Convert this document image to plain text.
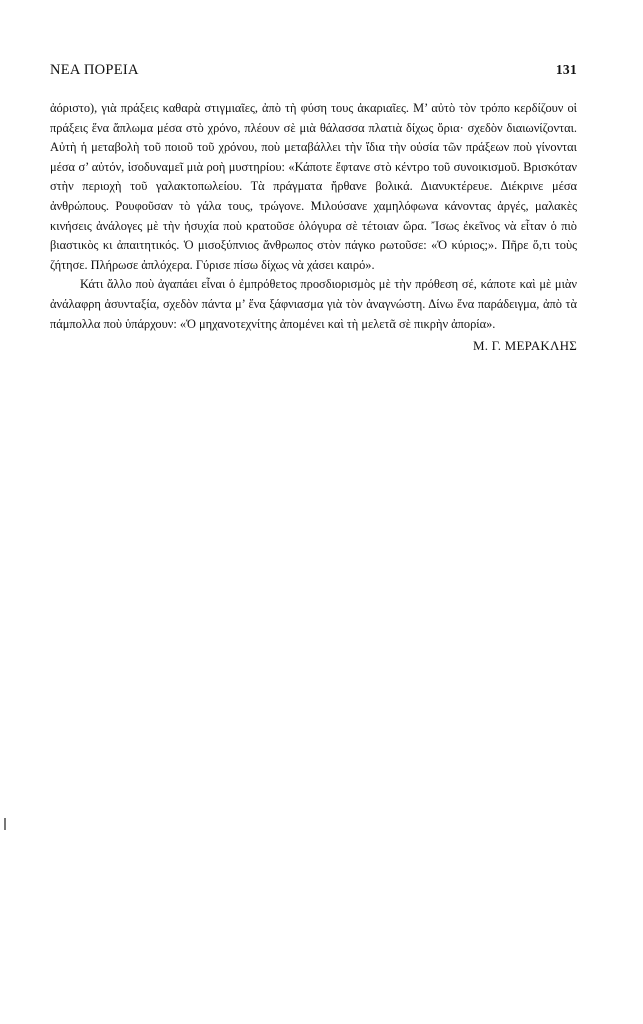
ΝΕΑ ΠΟΡΕΙΑ	131

ἀόριστο), γιὰ πράξεις καθαρὰ στιγμιαῖες, ἀπὸ τὴ φύση τους ἀκαριαῖες. Μ’ αὐτὸ τὸν τρόπο κερδίζουν οἱ πράξεις ἕνα ἅπλωμα μέσα στὸ χρόνο, πλέουν σὲ μιὰ θάλασσα πλατιὰ δίχως ὅρια· σχεδὸν διαιωνίζονται. Αὐτὴ ἡ μεταβολὴ τοῦ ποιοῦ τοῦ χρόνου, ποὺ μεταβάλλει τὴν ἴδια τὴν οὐσία τῶν πράξεων ποὺ γίνονται μέσα σ’ αὐτόν, ἰσοδυναμεῖ μιὰ ροὴ μυστηρίου: «Κάποτε ἔφτανε στὸ κέντρο τοῦ συνοικισμοῦ. Βρισκόταν στὴν περιοχὴ τοῦ γαλακτοπωλείου. Τὰ πράγματα ἤρθανε βολικά. Διανυκτέρευε. Διέκρινε μέσα ἀνθρώπους. Ρουφοῦσαν τὸ γάλα τους, τρώγονε. Μιλούσανε χαμηλόφωνα κάνοντας ἀργές, μαλακὲς κινήσεις ἀνάλογες μὲ τὴν ἡσυχία ποὺ κρατοῦσε ὁλόγυρα σὲ τέτοιαν ὥρα. Ἴσως ἐκεῖνος νὰ εἶταν ὁ πιὸ βιαστικὸς κι ἀπαιτητικός. Ὁ μισοξύπνιος ἄνθρωπος στὸν πάγκο ρωτοῦσε: «Ὁ κύριος;». Πῆρε ὅ,τι τοὺς ζήτησε. Πλήρωσε ἀπλόχερα. Γύρισε πίσω δίχως νὰ χάσει καιρό».

Κάτι ἄλλο ποὺ ἀγαπάει εἶναι ὁ ἐμπρόθετος προσδιορισμὸς μὲ τὴν πρόθεση σέ, κάποτε καὶ μὲ μιὰν ἀνάλαφρη ἀσυνταξία, σχεδὸν πάντα μ’ ἕνα ξάφνιασμα γιὰ τὸν ἀναγνώστη. Δίνω ἕνα παράδειγμα, ἀπὸ τὰ πάμπολλα ποὺ ὑπάρχουν: «Ὁ μηχανοτεχνίτης ἀπομένει καὶ τὴ μελετᾶ σὲ πικρὴν ἀπορία».

Μ. Γ. ΜΕΡΑΚΛΗΣ
